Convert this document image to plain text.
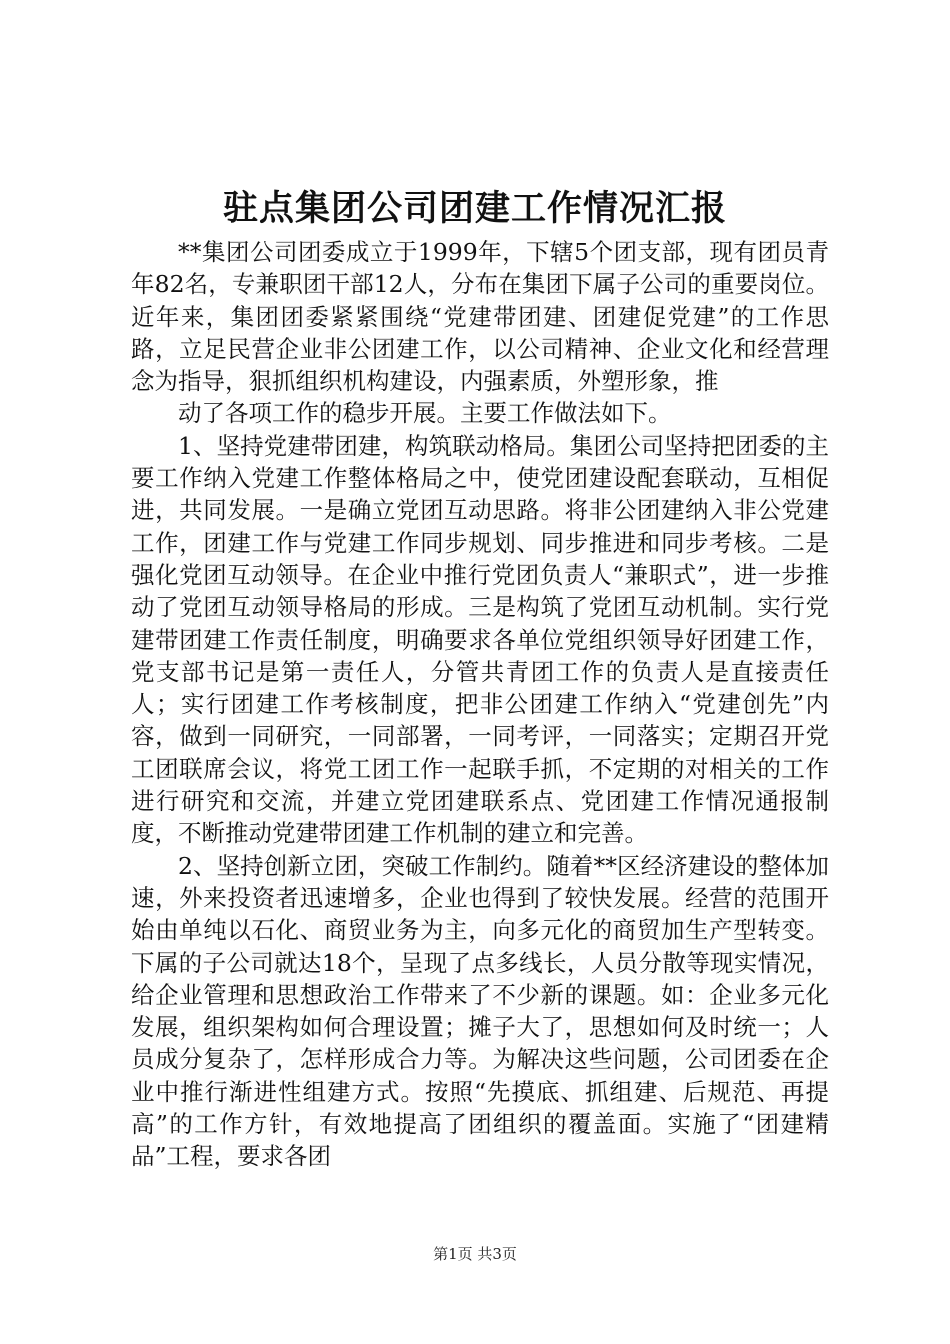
驻点集团公司团建工作情况汇报

**集团公司团委成立于1999年，下辖5个团支部，现有团员青年82名，专兼职团干部12人，分布在集团下属子公司的重要岗位。近年来，集团团委紧紧围绕“党建带团建、团建促党建”的工作思路，立足民营企业非公团建工作，以公司精神、企业文化和经营理念为指导，狠抓组织机构建设，内强素质，外塑形象，推

动了各项工作的稳步开展。主要工作做法如下。

1、坚持党建带团建，构筑联动格局。集团公司坚持把团委的主要工作纳入党建工作整体格局之中，使党团建设配套联动，互相促进，共同发展。一是确立党团互动思路。将非公团建纳入非公党建工作，团建工作与党建工作同步规划、同步推进和同步考核。二是强化党团互动领导。在企业中推行党团负责人“兼职式”，进一步推动了党团互动领导格局的形成。三是构筑了党团互动机制。实行党建带团建工作责任制度，明确要求各单位党组织领导好团建工作，党支部书记是第一责任人，分管共青团工作的负责人是直接责任人；实行团建工作考核制度，把非公团建工作纳入“党建创先”内容，做到一同研究，一同部署，一同考评，一同落实；定期召开党工团联席会议，将党工团工作一起联手抓，不定期的对相关的工作进行研究和交流，并建立党团建联系点、党团建工作情况通报制度，不断推动党建带团建工作机制的建立和完善。

2、坚持创新立团，突破工作制约。随着**区经济建设的整体加速，外来投资者迅速增多，企业也得到了较快发展。经营的范围开始由单纯以石化、商贸业务为主，向多元化的商贸加生产型转变。下属的子公司就达18个，呈现了点多线长，人员分散等现实情况，给企业管理和思想政治工作带来了不少新的课题。如：企业多元化发展，组织架构如何合理设置；摊子大了，思想如何及时统一；人员成分复杂了，怎样形成合力等。为解决这些问题，公司团委在企业中推行渐进性组建方式。按照“先摸底、抓组建、后规范、再提高”的工作方针，有效地提高了团组织的覆盖面。实施了“团建精品”工程，要求各团

第1页 共3页
